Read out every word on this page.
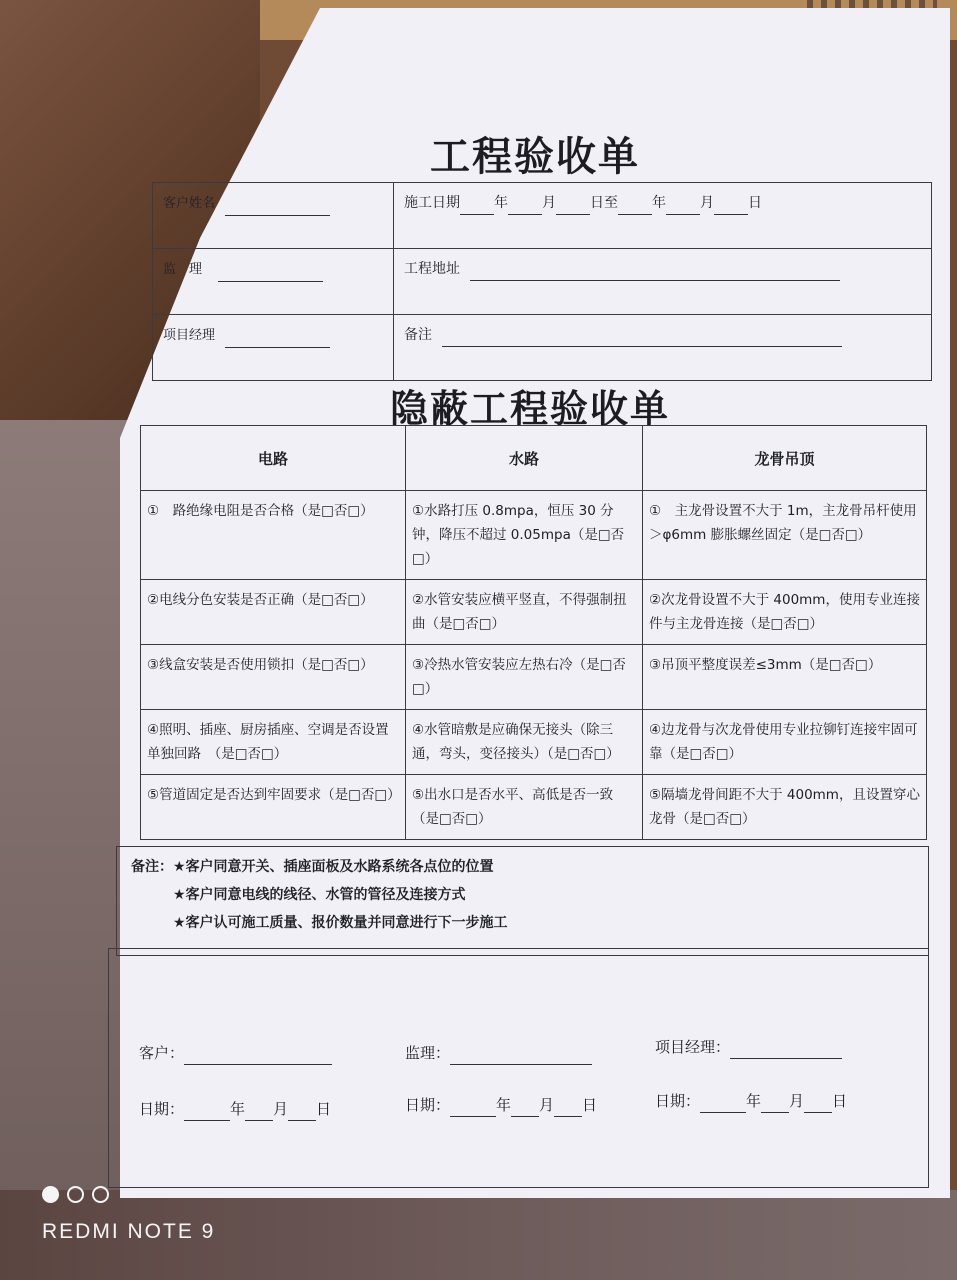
工程验收单
客户姓名	施工日期 年 月 日至 年 月 日
监　理	工程地址
项目经理	备注
隐蔽工程验收单
电路	水路	龙骨吊顶
①　路绝缘电阻是否合格（是□否□）	①水路打压 0.8mpa，恒压 30 分钟，降压不超过 0.05mpa（是□否□）	①　主龙骨设置不大于 1m，主龙骨吊杆使用＞φ6mm 膨胀螺丝固定（是□否□）
②电线分色安装是否正确（是□否□）	②水管安装应横平竖直，不得强制扭曲（是□否□）	②次龙骨设置不大于 400mm，使用专业连接件与主龙骨连接（是□否□）
③线盒安装是否使用锁扣（是□否□）	③冷热水管安装应左热右冷（是□否□）	③吊顶平整度误差≤3mm（是□否□）
④照明、插座、厨房插座、空调是否设置单独回路　（是□否□）	④水管暗敷是应确保无接头（除三通，弯头，变径接头）（是□否□）	④边龙骨与次龙骨使用专业拉铆钉连接牢固可靠（是□否□）
⑤管道固定是否达到牢固要求（是□否□）	⑤出水口是否水平、高低是否一致（是□否□）	⑤隔墙龙骨间距不大于 400mm，且设置穿心龙骨（是□否□）
备注：★客户同意开关、插座面板及水路系统各点位的位置
★客户同意电线的线径、水管的管径及连接方式
★客户认可施工质量、报价数量并同意进行下一步施工
客户：	监理：	项目经理：
日期：	年 月 日	日期：	年 月 日	日期：	年 月 日
REDMI NOTE 9
